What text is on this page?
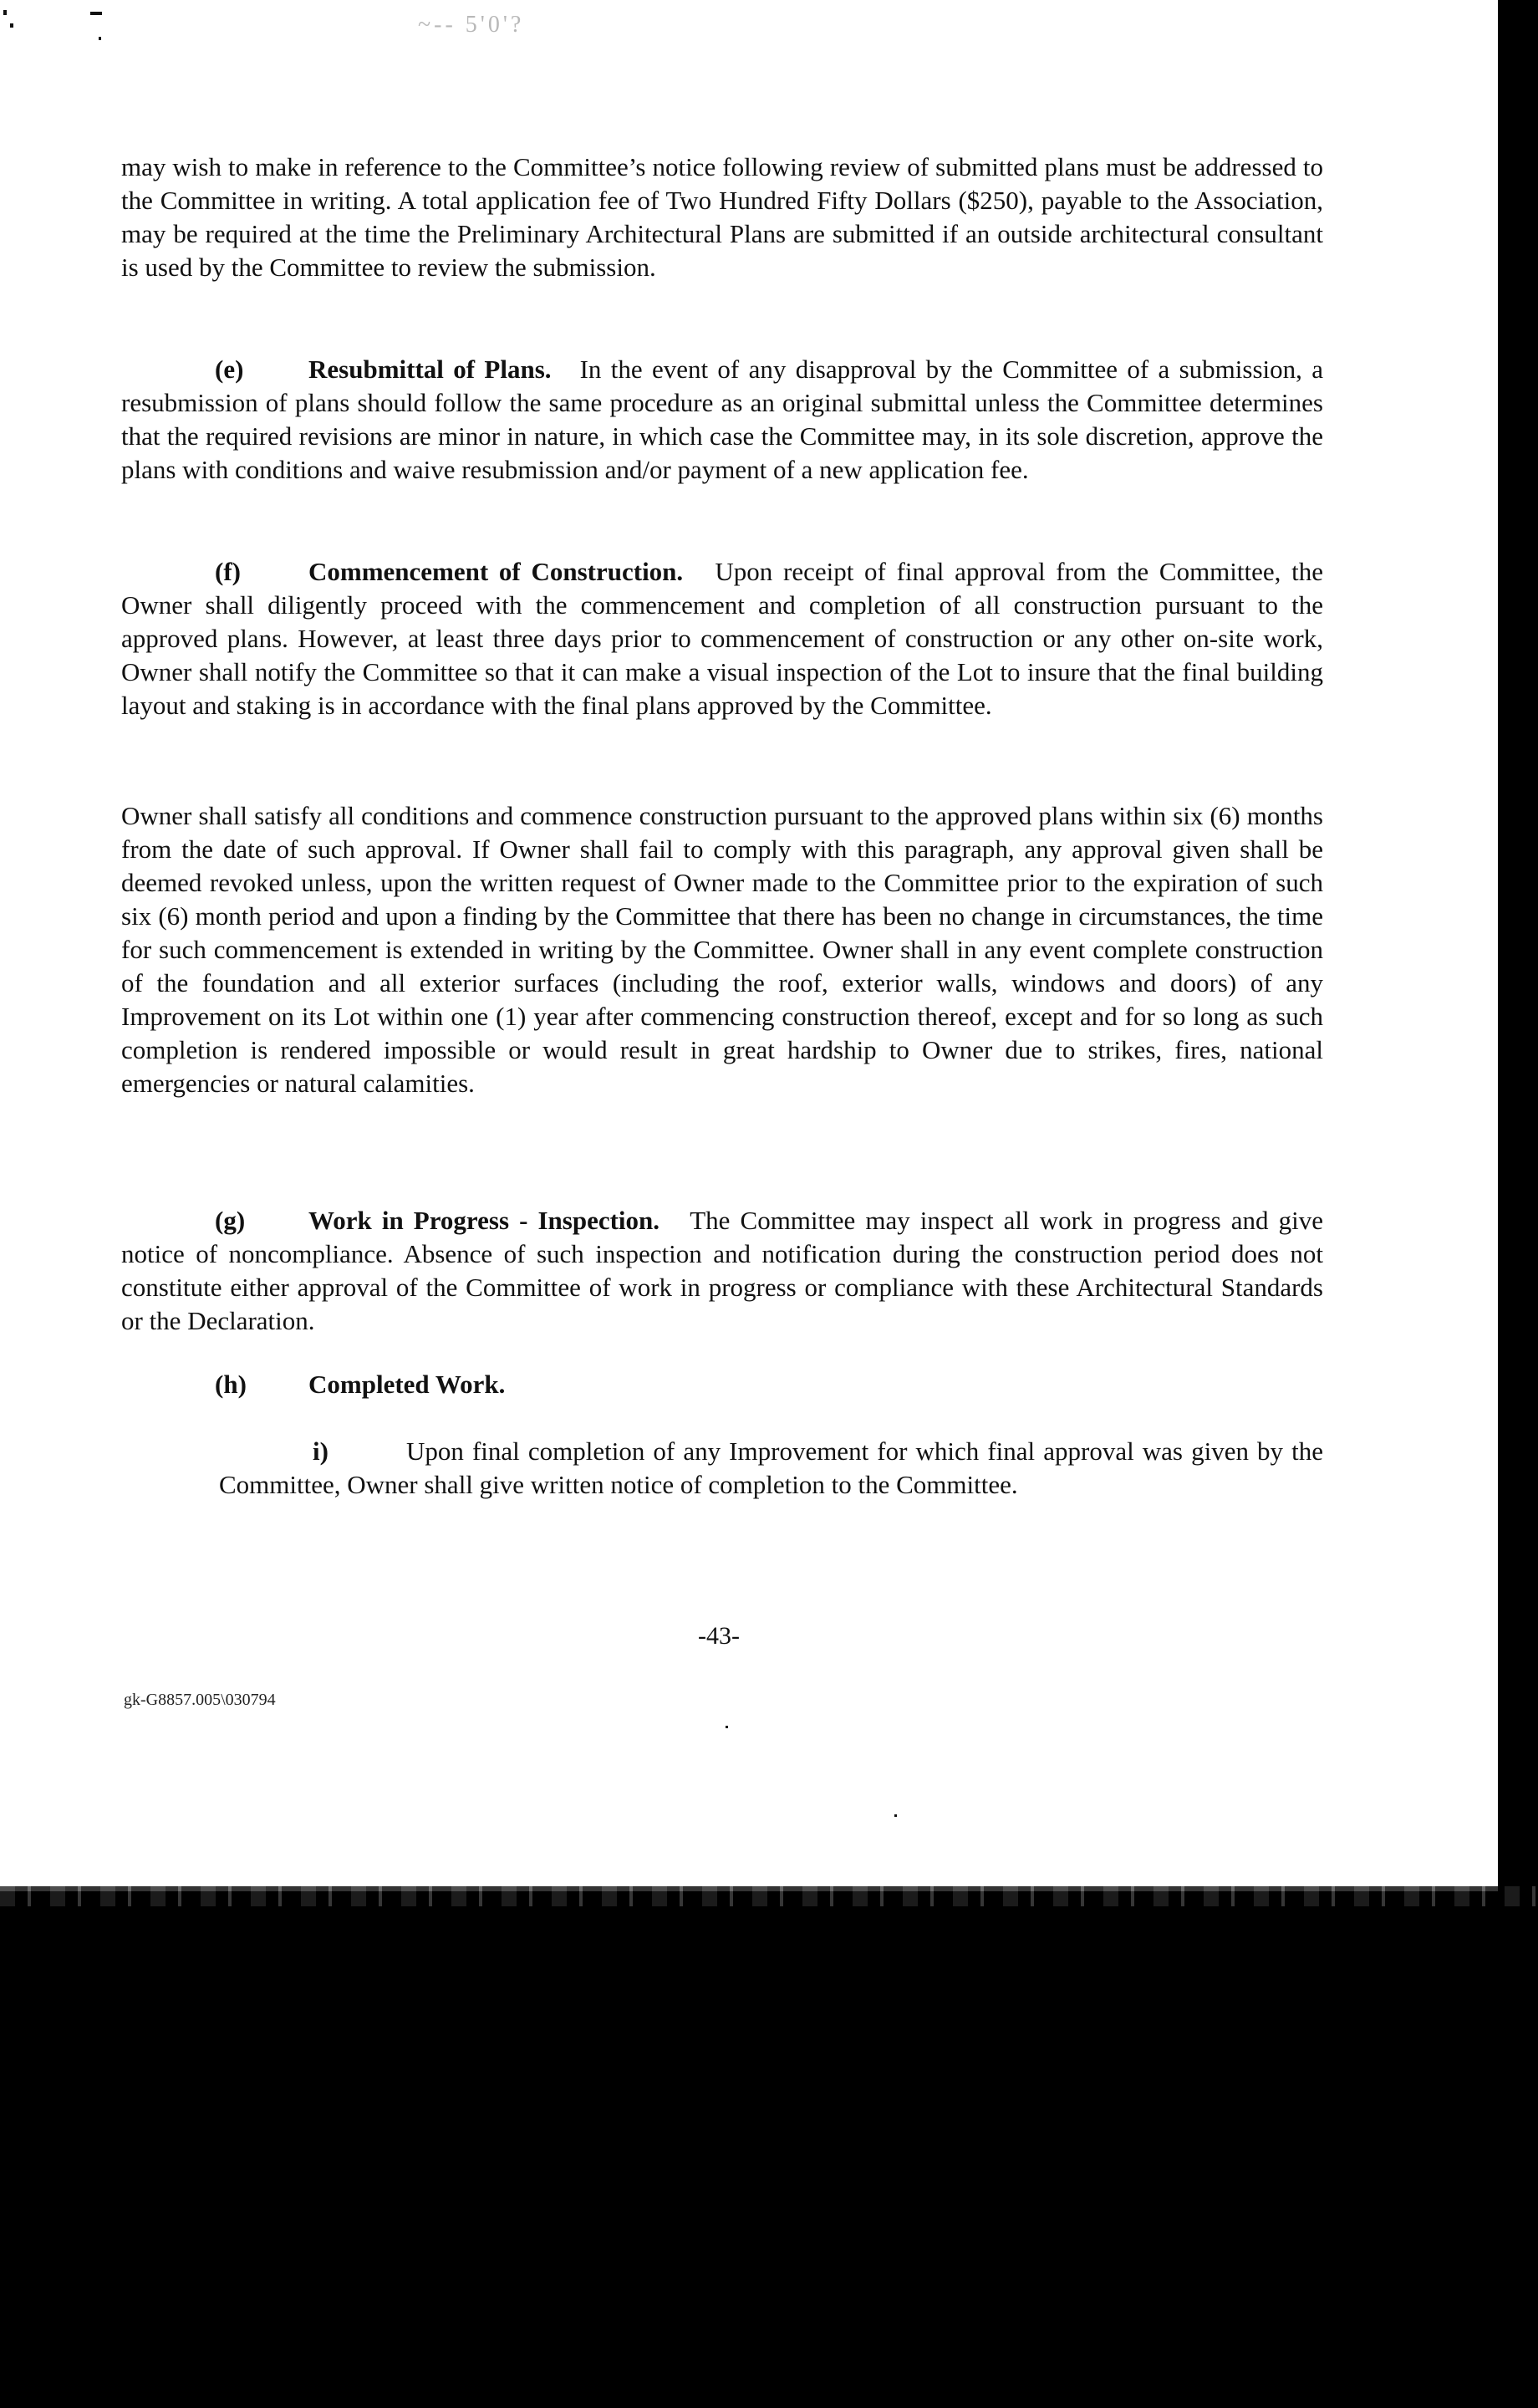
~-- 5'0'?
may wish to make in reference to the Committee’s notice following review of submitted plans must be addressed to the Committee in writing. A total application fee of Two Hundred Fifty Dollars ($250), payable to the Association, may be required at the time the Preliminary Architectural Plans are submitted if an outside architectural consultant is used by the Committee to review the submission.
(e)	Resubmittal of Plans. In the event of any disapproval by the Committee of a submission, a resubmission of plans should follow the same procedure as an original submittal unless the Committee determines that the required revisions are minor in nature, in which case the Committee may, in its sole discretion, approve the plans with conditions and waive resubmission and/or payment of a new application fee.
(f)	Commencement of Construction. Upon receipt of final approval from the Committee, the Owner shall diligently proceed with the commencement and completion of all construction pursuant to the approved plans. However, at least three days prior to commencement of construction or any other on-site work, Owner shall notify the Committee so that it can make a visual inspection of the Lot to insure that the final building layout and staking is in accordance with the final plans approved by the Committee.
Owner shall satisfy all conditions and commence construction pursuant to the approved plans within six (6) months from the date of such approval. If Owner shall fail to comply with this paragraph, any approval given shall be deemed revoked unless, upon the written request of Owner made to the Committee prior to the expiration of such six (6) month period and upon a finding by the Committee that there has been no change in circumstances, the time for such commencement is extended in writing by the Committee. Owner shall in any event complete construction of the foundation and all exterior surfaces (including the roof, exterior walls, windows and doors) of any Improvement on its Lot within one (1) year after commencing construction thereof, except and for so long as such completion is rendered impossible or would result in great hardship to Owner due to strikes, fires, national emergencies or natural calamities.
(g) Work in Progress - Inspection. The Committee may inspect all work in progress and give notice of noncompliance. Absence of such inspection and notification during the construction period does not constitute either approval of the Committee of work in progress or compliance with these Architectural Standards or the Declaration.
(h) Completed Work.
i)	Upon final completion of any Improvement for which final approval was given by the Committee, Owner shall give written notice of completion to the Committee.
-43-
gk-G8857.005\030794
